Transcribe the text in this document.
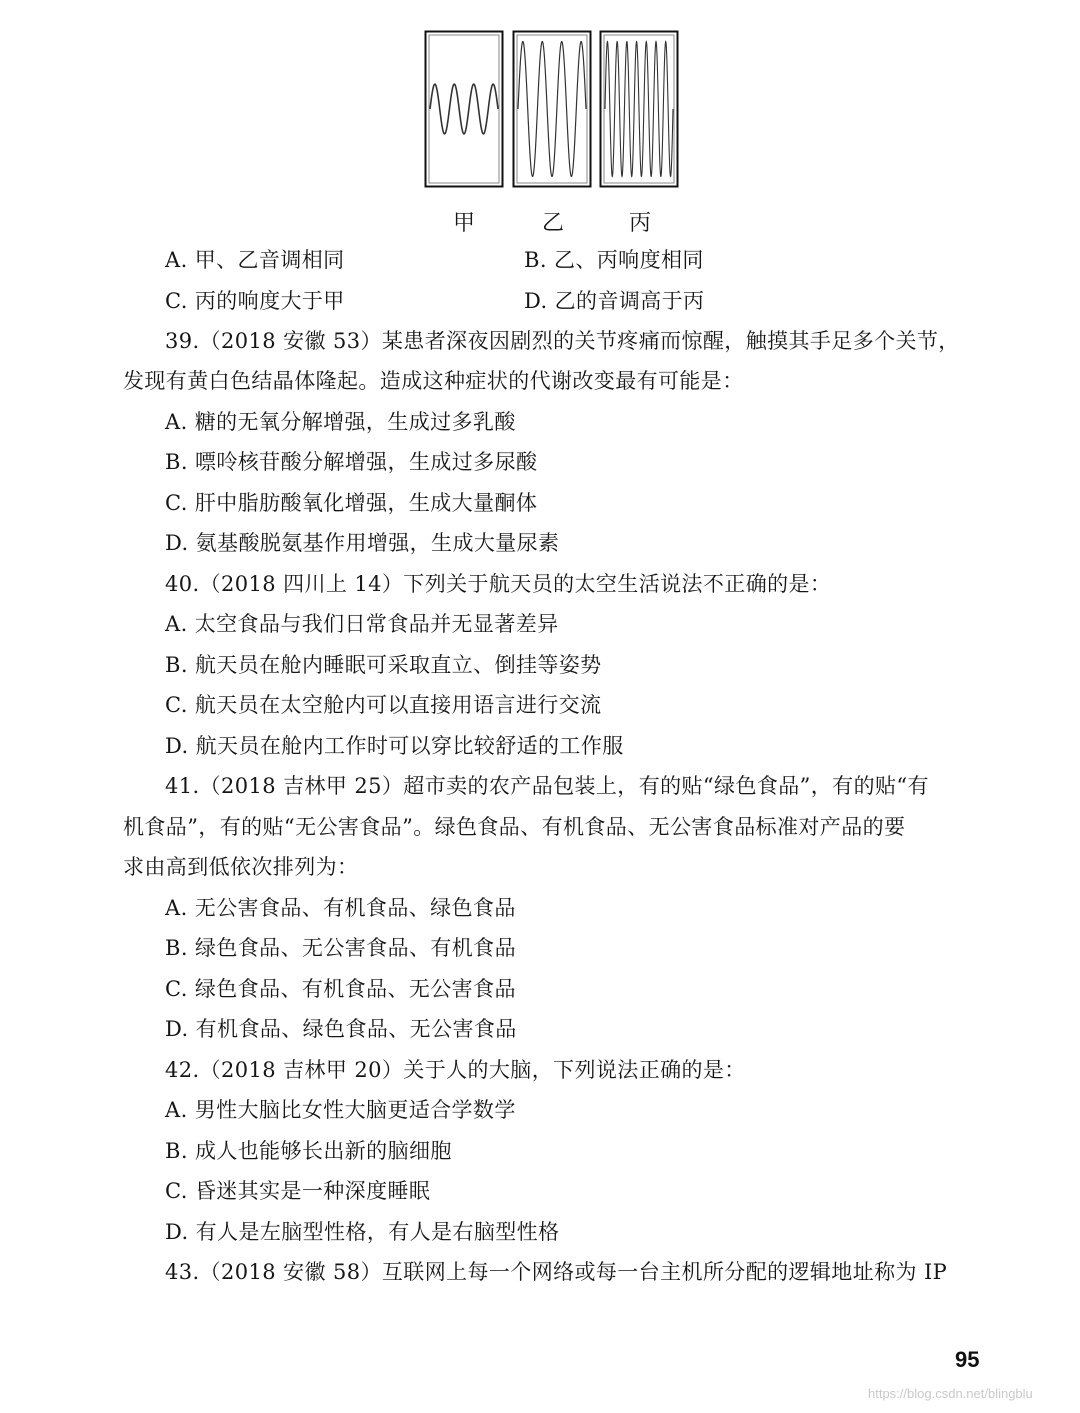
甲	乙	丙
A. 甲、乙音调相同	B. 乙、丙响度相同
C. 丙的响度大于甲	D. 乙的音调高于丙
39.（2018 安徽 53）某患者深夜因剧烈的关节疼痛而惊醒，触摸其手足多个关节，
发现有黄白色结晶体隆起。造成这种症状的代谢改变最有可能是：
A. 糖的无氧分解增强，生成过多乳酸
B. 嘌呤核苷酸分解增强，生成过多尿酸
C. 肝中脂肪酸氧化增强，生成大量酮体
D. 氨基酸脱氨基作用增强，生成大量尿素
40.（2018 四川上 14）下列关于航天员的太空生活说法不正确的是：
A. 太空食品与我们日常食品并无显著差异
B. 航天员在舱内睡眠可采取直立、倒挂等姿势
C. 航天员在太空舱内可以直接用语言进行交流
D. 航天员在舱内工作时可以穿比较舒适的工作服
41.（2018 吉林甲 25）超市卖的农产品包装上，有的贴“绿色食品”，有的贴“有
机食品”，有的贴“无公害食品”。绿色食品、有机食品、无公害食品标准对产品的要
求由高到低依次排列为：
A. 无公害食品、有机食品、绿色食品
B. 绿色食品、无公害食品、有机食品
C. 绿色食品、有机食品、无公害食品
D. 有机食品、绿色食品、无公害食品
42.（2018 吉林甲 20）关于人的大脑，下列说法正确的是：
A. 男性大脑比女性大脑更适合学数学
B. 成人也能够长出新的脑细胞
C. 昏迷其实是一种深度睡眠
D. 有人是左脑型性格，有人是右脑型性格
43.（2018 安徽 58）互联网上每一个网络或每一台主机所分配的逻辑地址称为 IP
95
https://blog.csdn.net/blingblu
